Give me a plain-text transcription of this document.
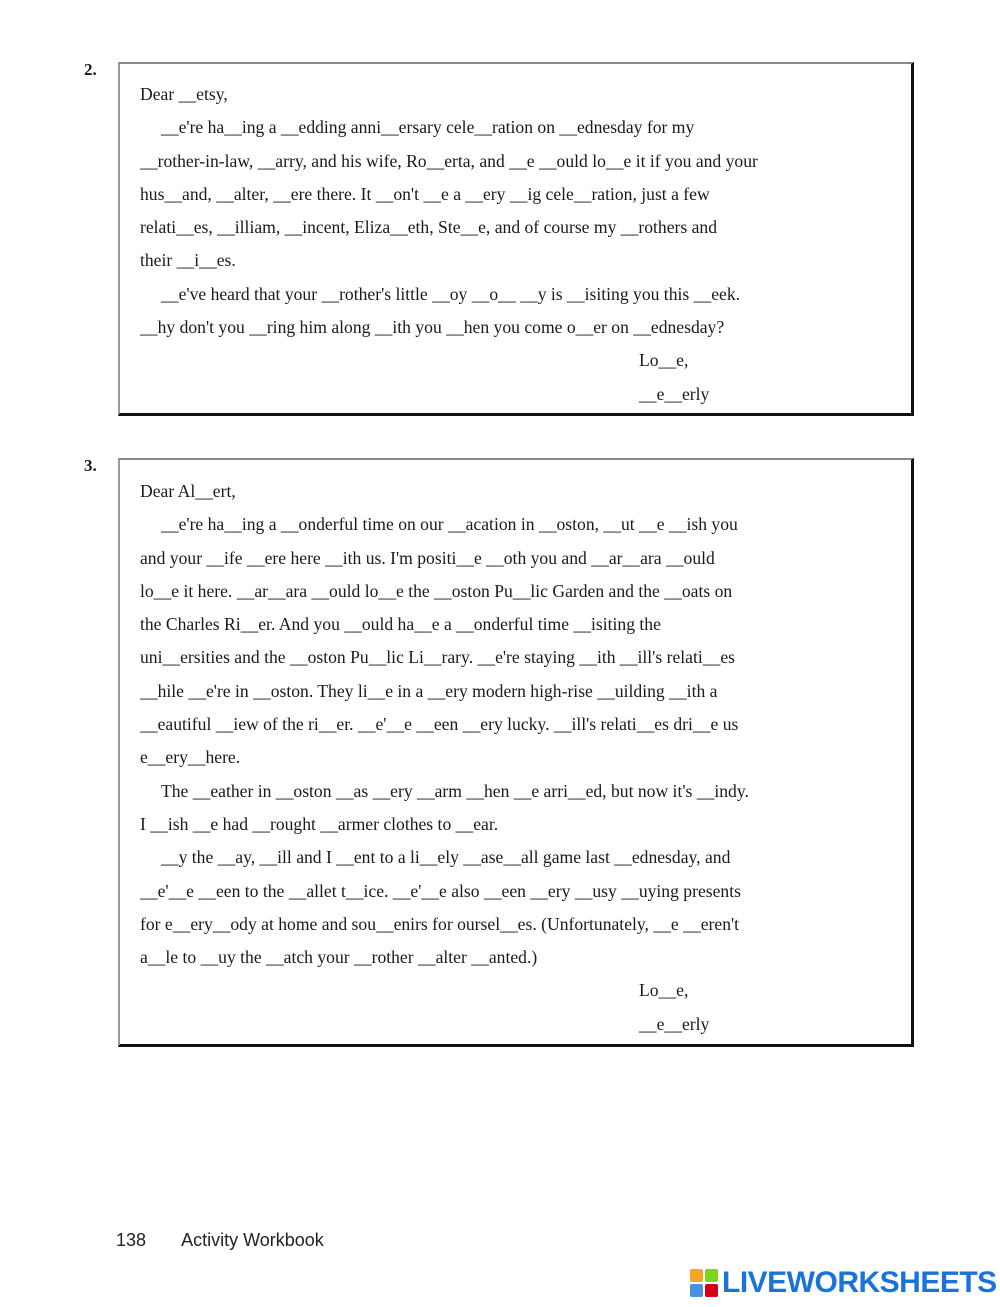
2.

Dear __etsy,

__e're ha__ing a __edding anni__ersary cele__ration on __ednesday for my

__rother-in-law, __arry, and his wife, Ro__erta, and __e __ould lo__e it if you and your

hus__and, __alter, __ere there. It __on't __e a __ery __ig cele__ration, just a few

relati__es, __illiam, __incent, Eliza__eth, Ste__e, and of course my __rothers and

their __i__es.

__e've heard that your __rother's little __oy __o__ __y is __isiting you this __eek.

__hy don't you __ring him along __ith you __hen you come o__er on __ednesday?

Lo__e,

__e__erly

3.

Dear Al__ert,

__e're ha__ing a __onderful time on our __acation in __oston, __ut __e __ish you

and your __ife __ere here __ith us. I'm positi__e __oth you and __ar__ara __ould

lo__e it here. __ar__ara __ould lo__e the __oston Pu__lic Garden and the __oats on

the Charles Ri__er. And you __ould ha__e a __onderful time __isiting the

uni__ersities and the __oston Pu__lic Li__rary. __e're staying __ith __ill's relati__es

__hile __e're in __oston. They li__e in a __ery modern high-rise __uilding __ith a

__eautiful __iew of the ri__er. __e'__e __een __ery lucky. __ill's relati__es dri__e us

e__ery__here.

The __eather in __oston __as __ery __arm __hen __e arri__ed, but now it's __indy.

I __ish __e had __rought __armer clothes to __ear.

__y the __ay, __ill and I __ent to a li__ely __ase__all game last __ednesday, and

__e'__e __een to the __allet t__ice. __e'__e also __een __ery __usy __uying presents

for e__ery__ody at home and sou__enirs for oursel__es. (Unfortunately, __e __eren't

a__le to __uy the __atch your __rother __alter __anted.)

Lo__e,

__e__erly

138 Activity Workbook
LIVEWORKSHEETS
